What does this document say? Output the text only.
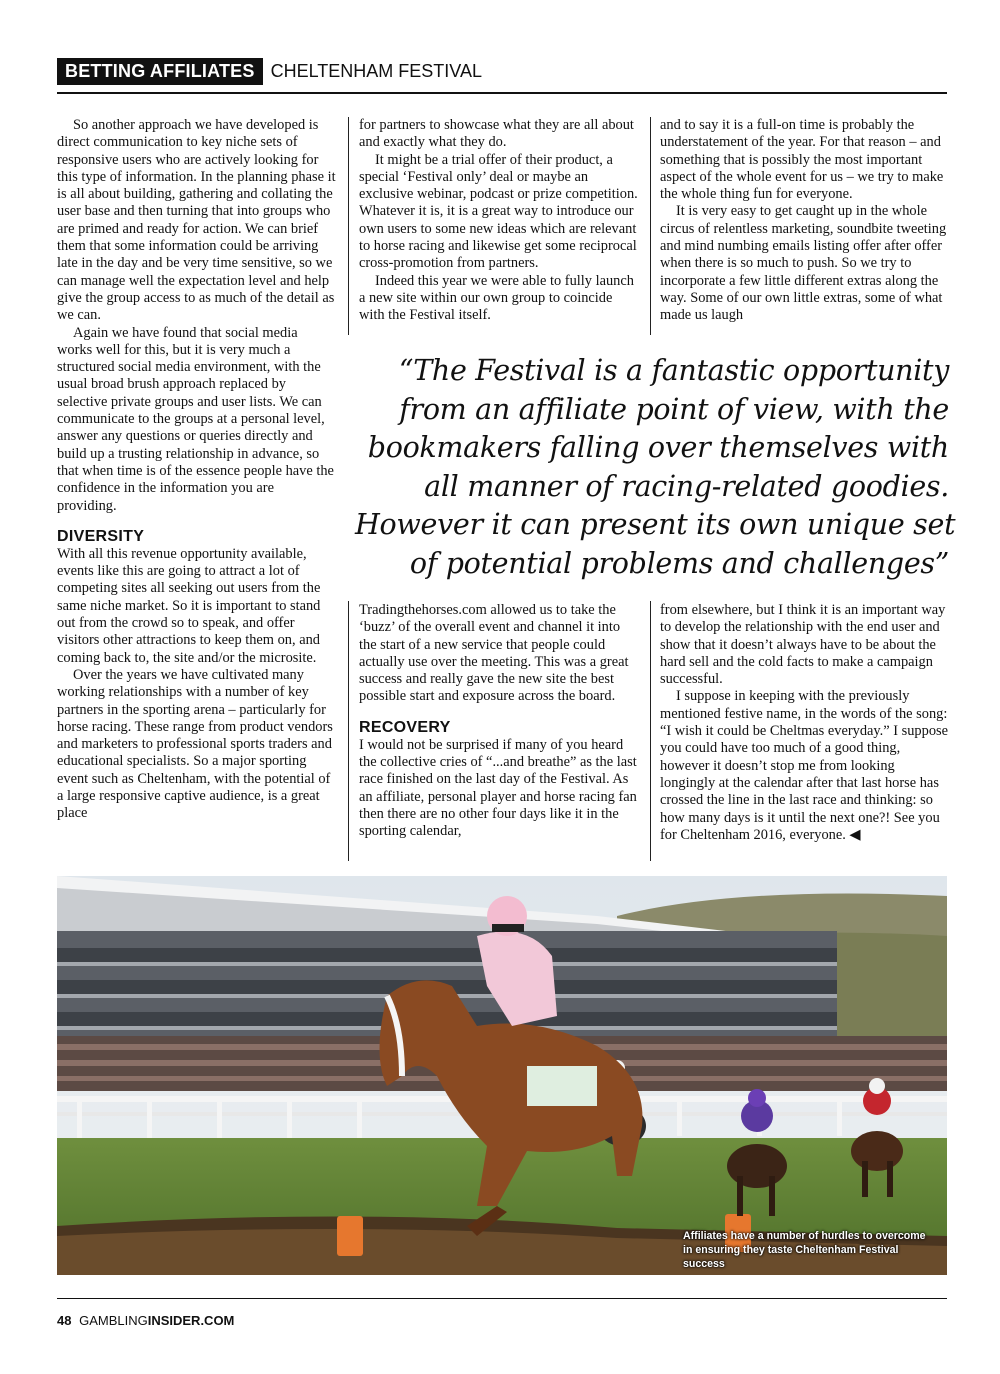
BETTING AFFILIATES CHELTENHAM FESTIVAL

So another approach we have developed is direct communication to key niche sets of responsive users who are actively looking for this type of information. In the planning phase it is all about building, gathering and collating the user base and then turning that into groups who are primed and ready for action. We can brief them that some information could be arriving late in the day and be very time sensitive, so we can manage well the expectation level and help give the group access to as much of the detail as we can.

Again we have found that social media works well for this, but it is very much a structured social media environment, with the usual broad brush approach replaced by selective private groups and user lists. We can communicate to the groups at a personal level, answer any questions or queries directly and build up a trusting relationship in advance, so that when time is of the essence people have the confidence in the information you are providing.

DIVERSITY

With all this revenue opportunity available, events like this are going to attract a lot of competing sites all seeking out users from the same niche market. So it is important to stand out from the crowd so to speak, and offer visitors other attractions to keep them on, and coming back to, the site and/or the microsite.

Over the years we have cultivated many working relationships with a number of key partners in the sporting arena – particularly for horse racing. These range from product vendors and marketers to professional sports traders and educational specialists. So a major sporting event such as Cheltenham, with the potential of a large responsive captive audience, is a great place

for partners to showcase what they are all about and exactly what they do.

It might be a trial offer of their product, a special ‘Festival only’ deal or maybe an exclusive webinar, podcast or prize competition. Whatever it is, it is a great way to introduce our own users to some new ideas which are relevant to horse racing and likewise get some reciprocal cross-promotion from partners.

Indeed this year we were able to fully launch a new site within our own group to coincide with the Festival itself.

and to say it is a full-on time is probably the understatement of the year. For that reason – and something that is possibly the most important aspect of the whole event for us – we try to make the whole thing fun for everyone.

It is very easy to get caught up in the whole circus of relentless marketing, soundbite tweeting and mind numbing emails listing offer after offer when there is so much to push. So we try to incorporate a few little different extras along the way. Some of our own little extras, some of what made us laugh

“The Festival is a fantastic opportunity
from an affiliate point of view, with the
bookmakers falling over themselves with
all manner of racing-related goodies.
However it can present its own unique set
of potential problems and challenges”

Tradingthehorses.com allowed us to take the ‘buzz’ of the overall event and channel it into the start of a new service that people could actually use over the meeting. This was a great success and really gave the new site the best possible start and exposure across the board.

RECOVERY

I would not be surprised if many of you heard the collective cries of “...and breathe” as the last race finished on the last day of the Festival. As an affiliate, personal player and horse racing fan then there are no other four days like it in the sporting calendar,

from elsewhere, but I think it is an important way to develop the relationship with the end user and show that it doesn’t always have to be about the hard sell and the cold facts to make a campaign successful.

I suppose in keeping with the previously mentioned festive name, in the words of the song: “I wish it could be Cheltmas everyday.” I suppose you could have too much of a good thing, however it doesn’t stop me from looking longingly at the calendar after that last horse has crossed the line in the last race and thinking: so how many days is it until the next one?! See you for Cheltenham 2016, everyone. ◀

Affiliates have a number of hurdles to overcome
in ensuring they taste Cheltenham Festival success
48 GAMBLINGINSIDER.COM
